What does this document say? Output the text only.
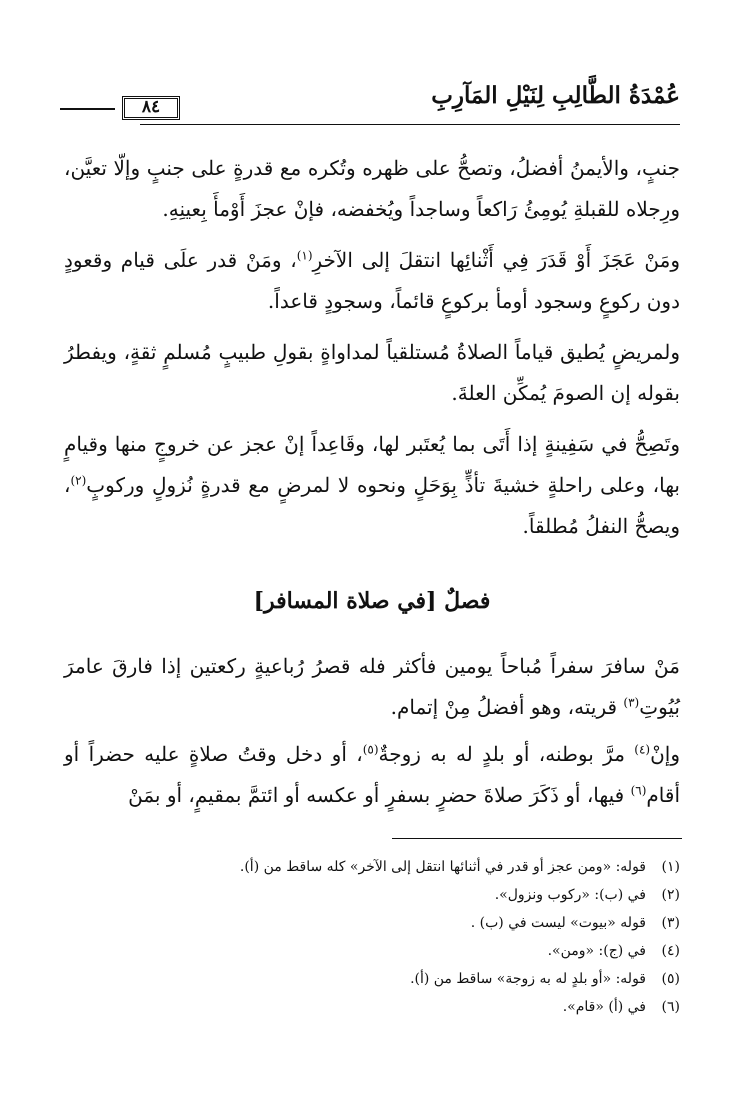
عُمْدَةُ الطَّالِبِ لِنَيْلِ المَآرِبِ
٨٤

جنبٍ، والأيمنُ أفضلُ، وتصحُّ على ظهره وتُكره مع قدرةٍ على جنبٍ وإلّا تعيَّن، ورِجلاه للقبلةِ يُومِئُ رَاكعاً وساجداً ويُخفضه، فإنْ عجزَ أَوْمأَ بِعينِهِ.

ومَنْ عَجَزَ أَوْ قَدَرَ فِي أَثْنائِها انتقلَ إلى الآخرِ$^{(١)}$، ومَنْ قدر علَى قيام وقعودٍ دون ركوعٍ وسجود أومأ بركوعٍ قائماً، وسجودٍ قاعداً.

ولمريضٍ يُطيق قياماً الصلاةُ مُستلقياً لمداواةٍ بقولِ طبيبٍ مُسلمٍ ثقةٍ، ويفطرُ بقوله إن الصومَ يُمكِّن العلةَ.

وتَصِحُّ في سَفِينةٍ إذا أَتَى بما يُعتَبر لها، وقَاعِداً إنْ عجز عن خروجٍ منها وقيامٍ بها، وعلى راحلةٍ خشيةَ تأذٍّ بِوَحَلٍ ونحوه لا لمرضٍ مع قدرةٍ نُزولٍ وركوبٍ$^{(٢)}$، ويصحُّ النفلُ مُطلقاً.

فصلٌ [في صلاة المسافر]

مَنْ سافرَ سفراً مُباحاً يومين فأكثر فله قصرُ رُباعيةٍ ركعتين إذا فارقَ عامرَ بُيُوتِ$^{(٣)}$ قريته، وهو أفضلُ مِنْ إتمام.

وإنْ$^{(٤)}$ مرَّ بوطنه، أو بلدٍ له به زوجةٌ$^{(٥)}$، أو دخل وقتُ صلاةٍ عليه حضراً أو أقام$^{(٦)}$ فيها، أو ذَكَرَ صلاةَ حضرٍ بسفرٍ أو عكسه أو ائتمَّ بمقيمٍ، أو بمَنْ

(١)قوله: «ومن عجز أو قدر في أثنائها انتقل إلى الآخر» كله ساقط من (أ).
(٢)في (ب): «ركوب ونزول».
(٣)قوله «بيوت» ليست في (ب) .
(٤)في (ج): «ومن».
(٥)قوله: «أو بلدٍ له به زوجة» ساقط من (أ).
(٦)في (أ) «قام».
